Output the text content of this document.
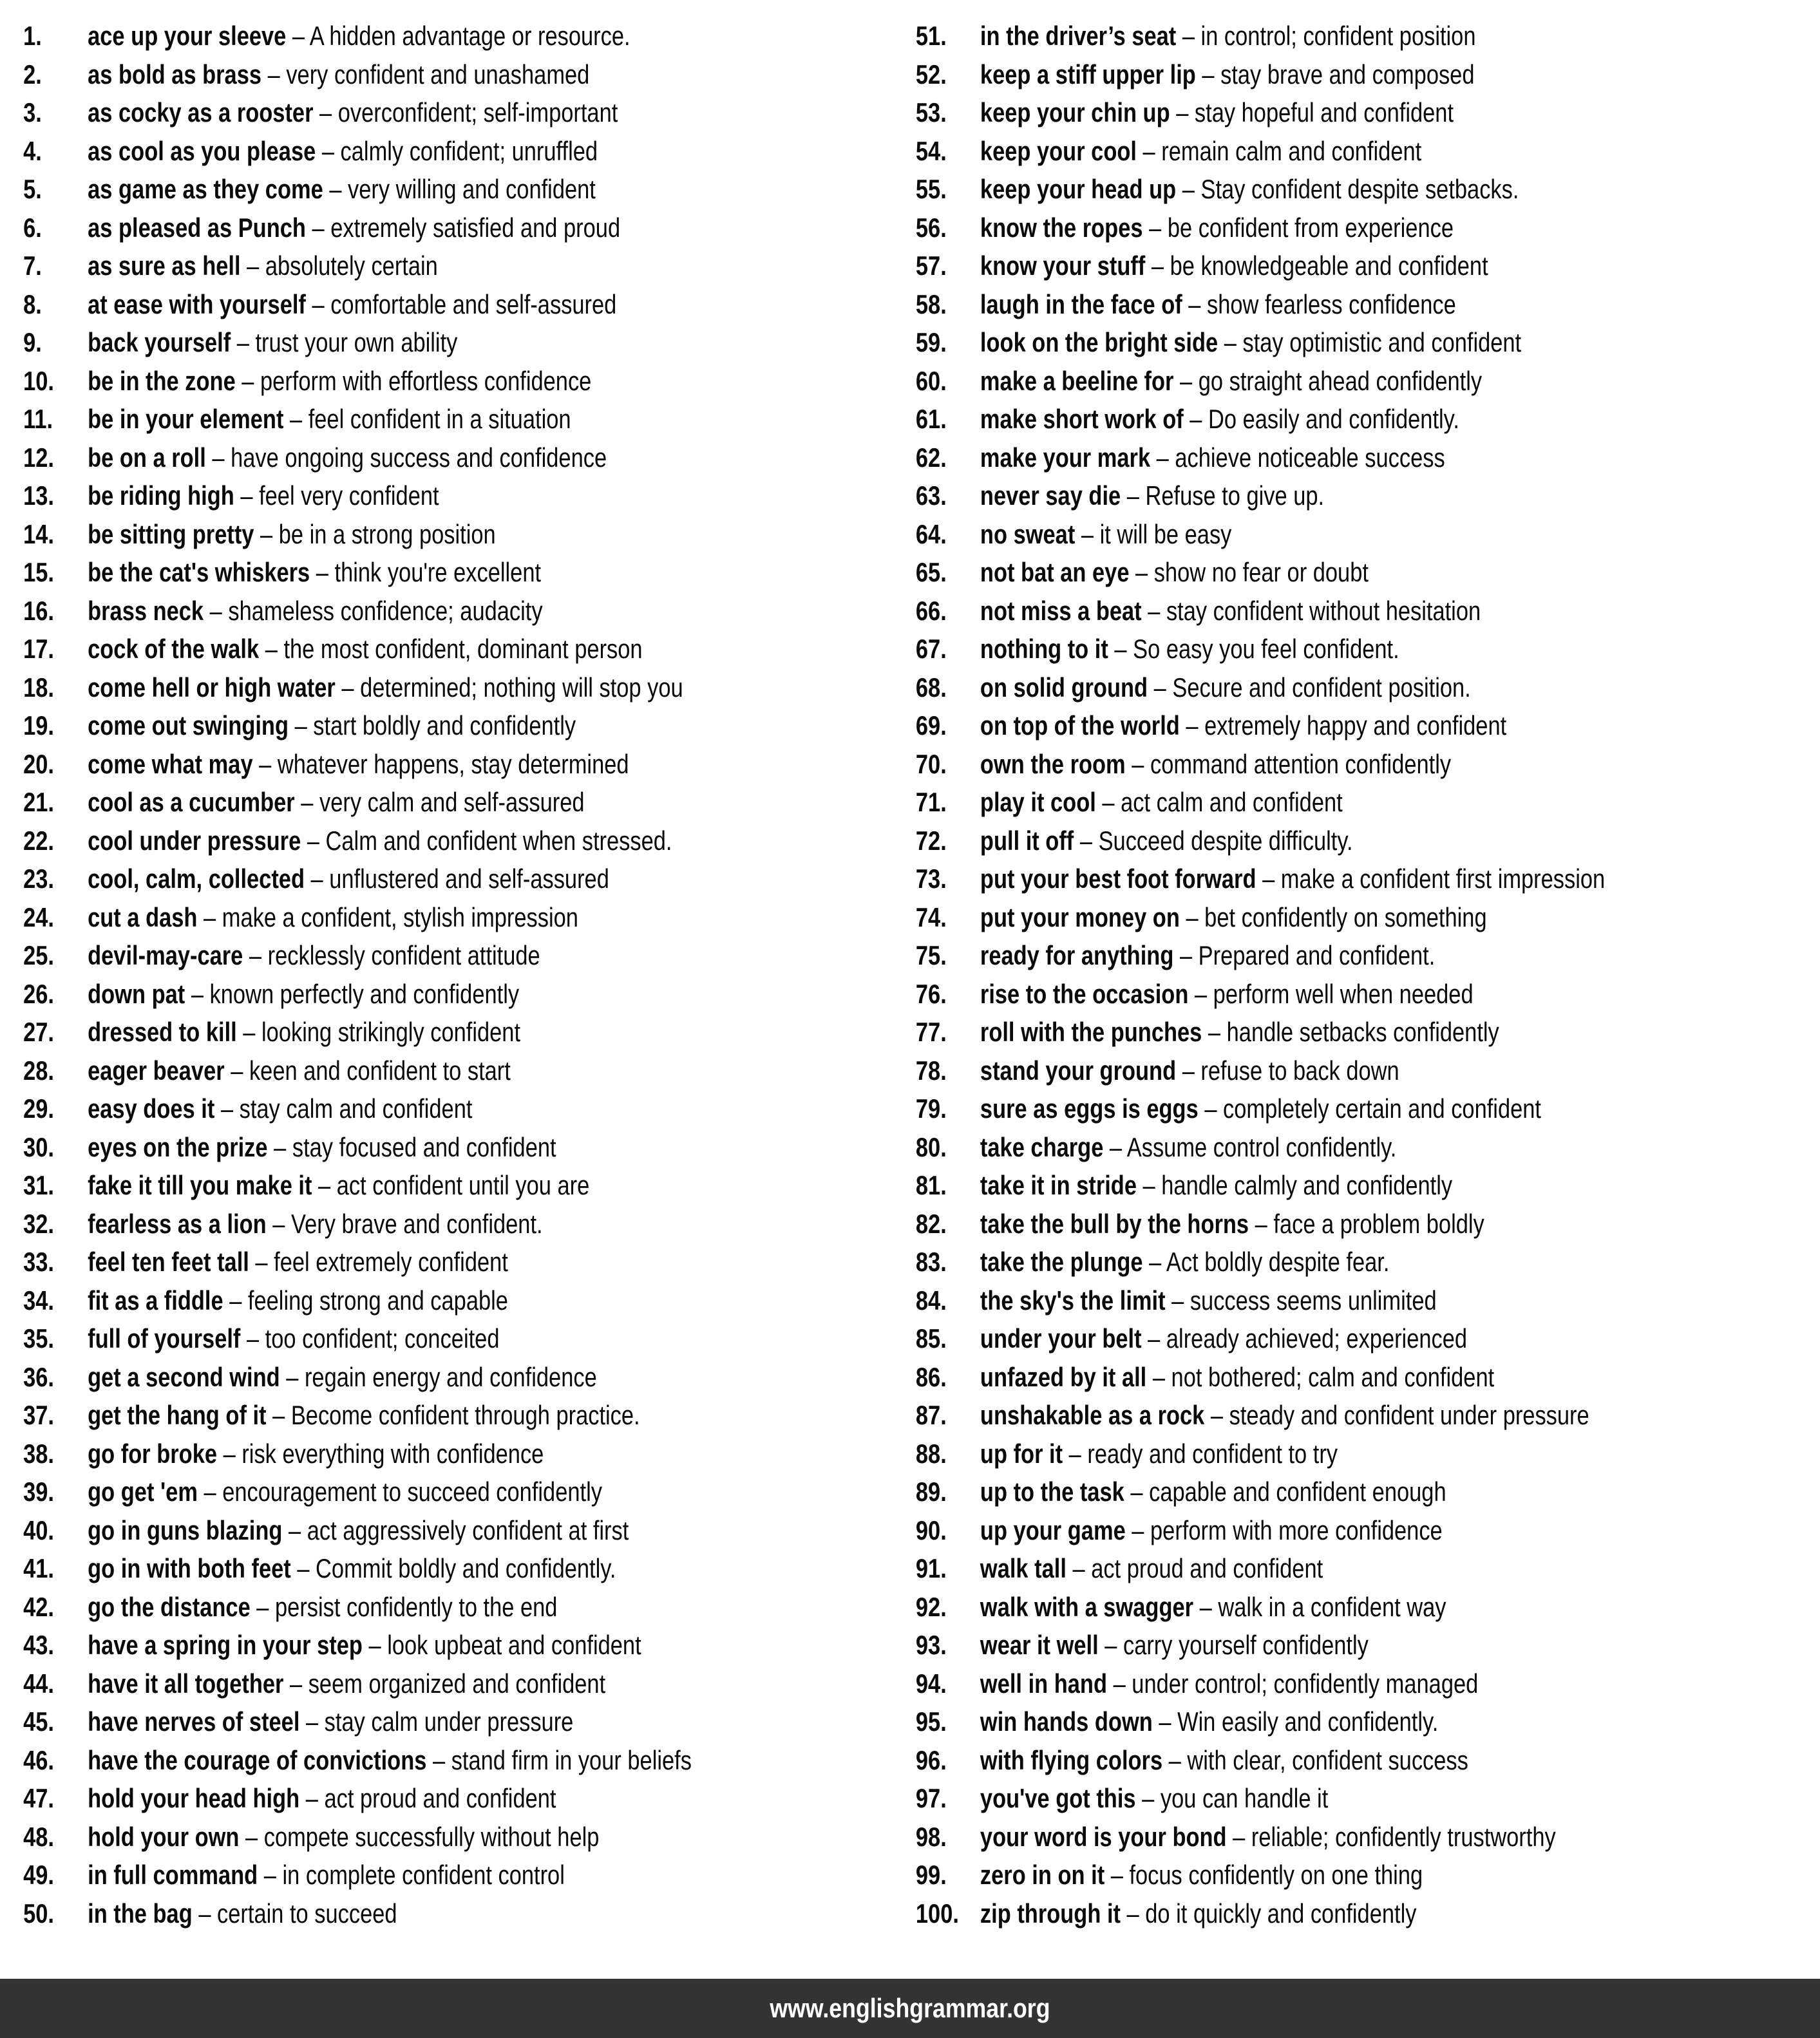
1.	ace up your sleeve – A hidden advantage or resource.
2.	as bold as brass – very confident and unashamed
3.	as cocky as a rooster – overconfident; self-important
4.	as cool as you please – calmly confident; unruffled
5.	as game as they come – very willing and confident
6.	as pleased as Punch – extremely satisfied and proud
7.	as sure as hell – absolutely certain
8.	at ease with yourself – comfortable and self-assured
9.	back yourself – trust your own ability
10.	be in the zone – perform with effortless confidence
11.	be in your element – feel confident in a situation
12.	be on a roll – have ongoing success and confidence
13.	be riding high – feel very confident
14.	be sitting pretty – be in a strong position
15.	be the cat's whiskers – think you're excellent
16.	brass neck – shameless confidence; audacity
17.	cock of the walk – the most confident, dominant person
18.	come hell or high water – determined; nothing will stop you
19.	come out swinging – start boldly and confidently
20.	come what may – whatever happens, stay determined
21.	cool as a cucumber – very calm and self-assured
22.	cool under pressure – Calm and confident when stressed.
23.	cool, calm, collected – unflustered and self-assured
24.	cut a dash – make a confident, stylish impression
25.	devil-may-care – recklessly confident attitude
26.	down pat – known perfectly and confidently
27.	dressed to kill – looking strikingly confident
28.	eager beaver – keen and confident to start
29.	easy does it – stay calm and confident
30.	eyes on the prize – stay focused and confident
31.	fake it till you make it – act confident until you are
32.	fearless as a lion – Very brave and confident.
33.	feel ten feet tall – feel extremely confident
34.	fit as a fiddle – feeling strong and capable
35.	full of yourself – too confident; conceited
36.	get a second wind – regain energy and confidence
37.	get the hang of it – Become confident through practice.
38.	go for broke – risk everything with confidence
39.	go get 'em – encouragement to succeed confidently
40.	go in guns blazing – act aggressively confident at first
41.	go in with both feet – Commit boldly and confidently.
42.	go the distance – persist confidently to the end
43.	have a spring in your step – look upbeat and confident
44.	have it all together – seem organized and confident
45.	have nerves of steel – stay calm under pressure
46.	have the courage of convictions – stand firm in your beliefs
47.	hold your head high – act proud and confident
48.	hold your own – compete successfully without help
49.	in full command – in complete confident control
50.	in the bag – certain to succeed
51.	in the driver’s seat – in control; confident position
52.	keep a stiff upper lip – stay brave and composed
53.	keep your chin up – stay hopeful and confident
54.	keep your cool – remain calm and confident
55.	keep your head up – Stay confident despite setbacks.
56.	know the ropes – be confident from experience
57.	know your stuff – be knowledgeable and confident
58.	laugh in the face of – show fearless confidence
59.	look on the bright side – stay optimistic and confident
60.	make a beeline for – go straight ahead confidently
61.	make short work of – Do easily and confidently.
62.	make your mark – achieve noticeable success
63.	never say die – Refuse to give up.
64.	no sweat – it will be easy
65.	not bat an eye – show no fear or doubt
66.	not miss a beat – stay confident without hesitation
67.	nothing to it – So easy you feel confident.
68.	on solid ground – Secure and confident position.
69.	on top of the world – extremely happy and confident
70.	own the room – command attention confidently
71.	play it cool – act calm and confident
72.	pull it off – Succeed despite difficulty.
73.	put your best foot forward – make a confident first impression
74.	put your money on – bet confidently on something
75.	ready for anything – Prepared and confident.
76.	rise to the occasion – perform well when needed
77.	roll with the punches – handle setbacks confidently
78.	stand your ground – refuse to back down
79.	sure as eggs is eggs – completely certain and confident
80.	take charge – Assume control confidently.
81.	take it in stride – handle calmly and confidently
82.	take the bull by the horns – face a problem boldly
83.	take the plunge – Act boldly despite fear.
84.	the sky's the limit – success seems unlimited
85.	under your belt – already achieved; experienced
86.	unfazed by it all – not bothered; calm and confident
87.	unshakable as a rock – steady and confident under pressure
88.	up for it – ready and confident to try
89.	up to the task – capable and confident enough
90.	up your game – perform with more confidence
91.	walk tall – act proud and confident
92.	walk with a swagger – walk in a confident way
93.	wear it well – carry yourself confidently
94.	well in hand – under control; confidently managed
95.	win hands down – Win easily and confidently.
96.	with flying colors – with clear, confident success
97.	you've got this – you can handle it
98.	your word is your bond – reliable; confidently trustworthy
99.	zero in on it – focus confidently on one thing
100. zip through it – do it quickly and confidently
www.englishgrammar.org
